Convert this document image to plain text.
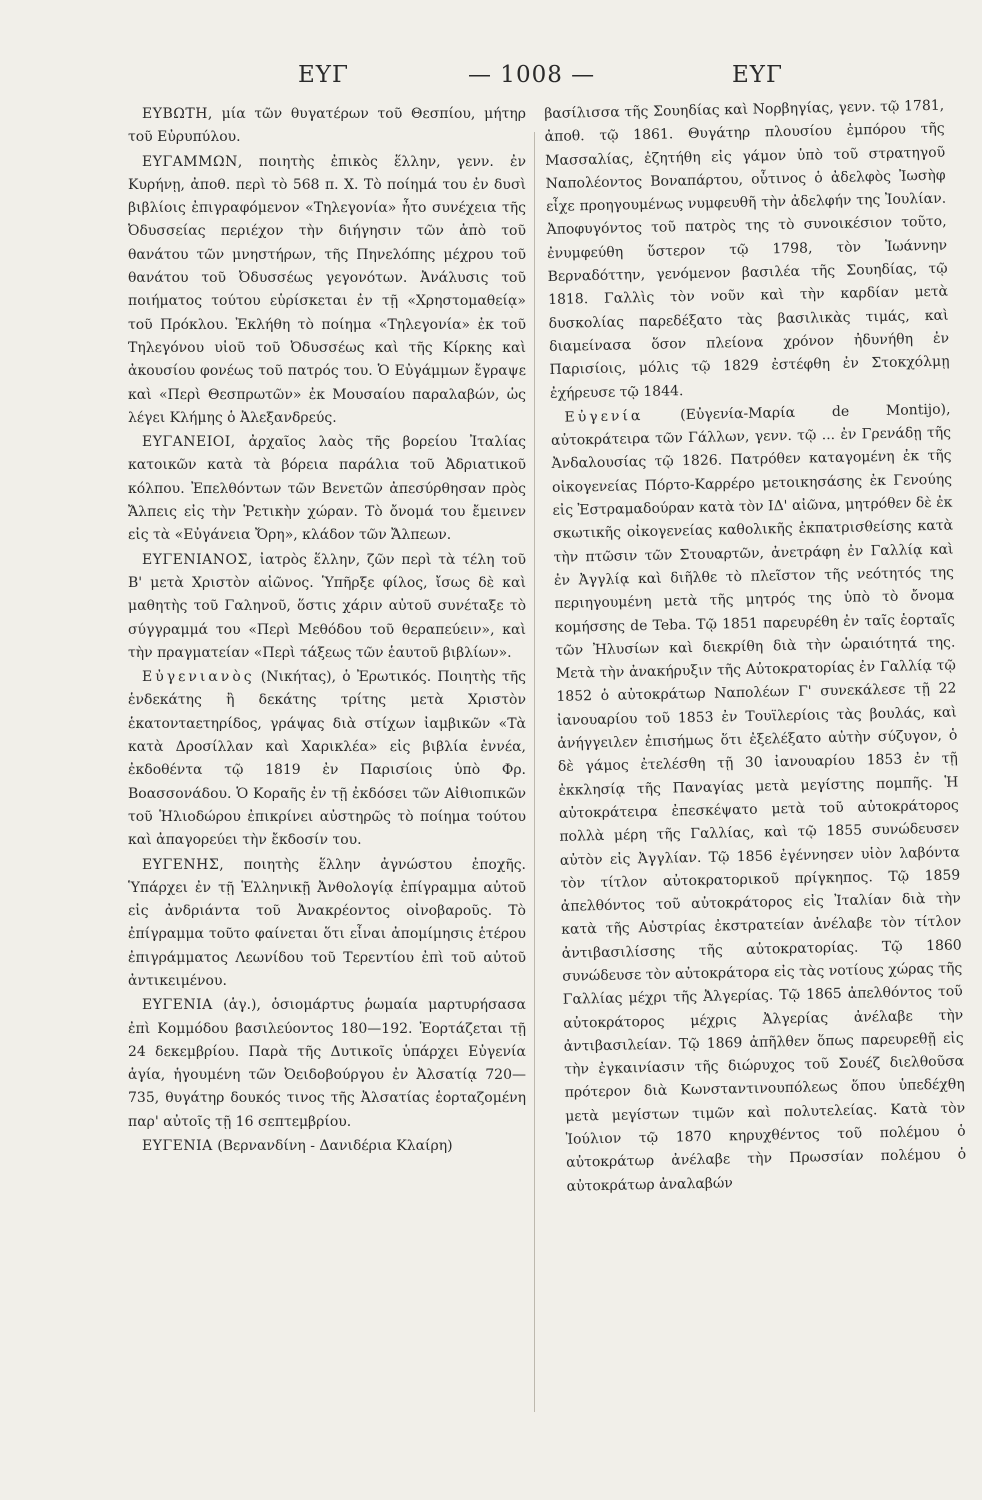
ΕΥΓ	— 1008 —	ΕΥΓ

ΕΥΒΩΤΗ, μία τῶν θυγατέρων τοῦ Θεσπίου, μήτηρ τοῦ Εὐρυπύλου.

ΕΥΓΑΜΜΩΝ, ποιητὴς ἐπικὸς ἕλλην, γενν. ἐν Κυρήνῃ, ἀποθ. περὶ τὸ 568 π. Χ. Τὸ ποίημά του ἐν δυσὶ βιβλίοις ἐπιγραφόμενον «Τηλεγονία» ἦτο συνέχεια τῆς Ὀδυσσείας περιέχον τὴν διήγησιν τῶν ἀπὸ τοῦ θανάτου τῶν μνηστήρων, τῆς Πηνελόπης μέχρου τοῦ θανάτου τοῦ Ὀδυσσέως γεγονότων. Ἀνάλυσις τοῦ ποιήματος τούτου εὑρίσκεται ἐν τῇ «Χρηστομαθείᾳ» τοῦ Πρόκλου. Ἐκλήθη τὸ ποίημα «Τηλεγονία» ἐκ τοῦ Τηλεγόνου υἱοῦ τοῦ Ὀδυσσέως καὶ τῆς Κίρκης καὶ ἀκουσίου φονέως τοῦ πατρός του. Ὁ Εὐγάμμων ἔγραψε καὶ «Περὶ Θεσπρωτῶν» ἐκ Μουσαίου παραλαβών, ὡς λέγει Κλήμης ὁ Ἀλεξανδρεύς.

ΕΥΓΑΝΕΙΟΙ, ἀρχαῖος λαὸς τῆς βορείου Ἰταλίας κατοικῶν κατὰ τὰ βόρεια παράλια τοῦ Ἀδριατικοῦ κόλπου. Ἐπελθόντων τῶν Βενετῶν ἀπεσύρθησαν πρὸς Ἄλπεις εἰς τὴν Ῥετικὴν χώραν. Τὸ ὄνομά του ἔμεινεν εἰς τὰ «Εὐγάνεια Ὄρη», κλάδον τῶν Ἄλπεων.

ΕΥΓΕΝΙΑΝΟΣ, ἰατρὸς ἕλλην, ζῶν περὶ τὰ τέλη τοῦ Β' μετὰ Χριστὸν αἰῶνος. Ὑπῆρξε φίλος, ἴσως δὲ καὶ μαθητὴς τοῦ Γαληνοῦ, ὅστις χάριν αὐτοῦ συνέταξε τὸ σύγγραμμά του «Περὶ Μεθόδου τοῦ θεραπεύειν», καὶ τὴν πραγματείαν «Περὶ τάξεως τῶν ἑαυτοῦ βιβλίων».

Εὐγενιανὸς (Νικήτας), ὁ Ἐρωτικός. Ποιητὴς τῆς ἑνδεκάτης ἢ δεκάτης τρίτης μετὰ Χριστὸν ἑκατονταετηρίδος, γράψας διὰ στίχων ἰαμβικῶν «Τὰ κατὰ Δροσίλλαν καὶ Χαρικλέα» εἰς βιβλία ἐννέα, ἐκδοθέντα τῷ 1819 ἐν Παρισίοις ὑπὸ Φρ. Βοασσονάδου. Ὁ Κοραῆς ἐν τῇ ἐκδόσει τῶν Αἰθιοπικῶν τοῦ Ἡλιοδώρου ἐπικρίνει αὐστηρῶς τὸ ποίημα τούτου καὶ ἀπαγορεύει τὴν ἔκδοσίν του.

ΕΥΓΕΝΗΣ, ποιητὴς ἕλλην ἀγνώστου ἐποχῆς. Ὑπάρχει ἐν τῇ Ἑλληνικῇ Ἀνθολογίᾳ ἐπίγραμμα αὐτοῦ εἰς ἀνδριάντα τοῦ Ἀνακρέοντος οἰνοβαροῦς. Τὸ ἐπίγραμμα τοῦτο φαίνεται ὅτι εἶναι ἀπομίμησις ἑτέρου ἐπιγράμματος Λεωνίδου τοῦ Τερεντίου ἐπὶ τοῦ αὐτοῦ ἀντικειμένου.

ΕΥΓΕΝΙΑ (ἁγ.), ὁσιομάρτυς ῥωμαία μαρτυρήσασα ἐπὶ Κομμόδου βασιλεύοντος 180—192. Ἑορτάζεται τῇ 24 δεκεμβρίου. Παρὰ τῆς Δυτικοῖς ὑπάρχει Εὐγενία ἁγία, ἡγουμένη τῶν Ὀειδοβούργου ἐν Ἀλσατίᾳ 720—735, θυγάτηρ δουκός τινος τῆς Ἀλσατίας ἑορταζομένη παρ' αὐτοῖς τῇ 16 σεπτεμβρίου.

ΕΥΓΕΝΙΑ (Βερνανδίνη - Δανιδέρια Κλαίρη)

βασίλισσα τῆς Σουηδίας καὶ Νορβηγίας, γενν. τῷ 1781, ἀποθ. τῷ 1861. Θυγάτηρ πλουσίου ἐμπόρου τῆς Μασσαλίας, ἐζητήθη εἰς γάμον ὑπὸ τοῦ στρατηγοῦ Ναπολέοντος Βοναπάρτου, οὗτινος ὁ ἀδελφὸς Ἰωσὴφ εἶχε προηγουμένως νυμφευθῆ τὴν ἀδελφήν της Ἰουλίαν. Ἀποφυγόντος τοῦ πατρὸς της τὸ συνοικέσιον τοῦτο, ἐνυμφεύθη ὕστερον τῷ 1798, τὸν Ἰωάννην Βερναδόττην, γενόμενον βασιλέα τῆς Σουηδίας, τῷ 1818. Γαλλὶς τὸν νοῦν καὶ τὴν καρδίαν μετὰ δυσκολίας παρεδέξατο τὰς βασιλικὰς τιμάς, καὶ διαμείνασα ὅσον πλείονα χρόνον ἠδυνήθη ἐν Παρισίοις, μόλις τῷ 1829 ἐστέφθη ἐν Στοκχόλμῃ ἐχήρευσε τῷ 1844.

Εὐγενία (Εὐγενία-Μαρία de Montijo), αὐτοκράτειρα τῶν Γάλλων, γενν. τῷ ... ἐν Γρενάδῃ τῆς Ἀνδαλουσίας τῷ 1826. Πατρόθεν καταγομένη ἐκ τῆς οἰκογενείας Πόρτο-Καρρέρο μετοικησάσης ἐκ Γενούης εἰς Ἐστραμαδούραν κατὰ τὸν ΙΔ' αἰῶνα, μητρόθεν δὲ ἐκ σκωτικῆς οἰκογενείας καθολικῆς ἐκπατρισθείσης κατὰ τὴν πτῶσιν τῶν Στουαρτῶν, ἀνετράφη ἐν Γαλλίᾳ καὶ ἐν Ἀγγλίᾳ καὶ διῆλθε τὸ πλεῖστον τῆς νεότητός της περιηγουμένη μετὰ τῆς μητρός της ὑπὸ τὸ ὄνομα κομήσσης de Teba. Τῷ 1851 παρευρέθη ἐν ταῖς ἑορταῖς τῶν Ἠλυσίων καὶ διεκρίθη διὰ τὴν ὡραιότητά της. Μετὰ τὴν ἀνακήρυξιν τῆς Αὐτοκρατορίας ἐν Γαλλίᾳ τῷ 1852 ὁ αὐτοκράτωρ Ναπολέων Γ' συνεκάλεσε τῇ 22 ἰανουαρίου τοῦ 1853 ἐν Τουϊλερίοις τὰς βουλάς, καὶ ἀνήγγειλεν ἐπισήμως ὅτι ἐξελέξατο αὐτὴν σύζυγον, ὁ δὲ γάμος ἐτελέσθη τῇ 30 ἰανουαρίου 1853 ἐν τῇ ἐκκλησίᾳ τῆς Παναγίας μετὰ μεγίστης πομπῆς. Ἡ αὐτοκράτειρα ἐπεσκέψατο μετὰ τοῦ αὐτοκράτορος πολλὰ μέρη τῆς Γαλλίας, καὶ τῷ 1855 συνώδευσεν αὐτὸν εἰς Ἀγγλίαν. Τῷ 1856 ἐγέννησεν υἱὸν λαβόντα τὸν τίτλον αὐτοκρατορικοῦ πρίγκηπος. Τῷ 1859 ἀπελθόντος τοῦ αὐτοκράτορος εἰς Ἰταλίαν διὰ τὴν κατὰ τῆς Αὐστρίας ἐκστρατείαν ἀνέλαβε τὸν τίτλον ἀντιβασιλίσσης τῆς αὐτοκρατορίας. Τῷ 1860 συνώδευσε τὸν αὐτοκράτορα εἰς τὰς νοτίους χώρας τῆς Γαλλίας μέχρι τῆς Ἀλγερίας. Τῷ 1865 ἀπελθόντος τοῦ αὐτοκράτορος μέχρις Ἀλγερίας ἀνέλαβε τὴν ἀντιβασιλείαν. Τῷ 1869 ἀπῆλθεν ὅπως παρευρεθῇ εἰς τὴν ἐγκαινίασιν τῆς διώρυχος τοῦ Σουέζ διελθοῦσα πρότερον διὰ Κωνσταντινουπόλεως ὅπου ὑπεδέχθη μετὰ μεγίστων τιμῶν καὶ πολυτελείας. Κατὰ τὸν Ἰούλιον τῷ 1870 κηρυχθέντος τοῦ πολέμου ὁ αὐτοκράτωρ ἀνέλαβε τὴν Πρωσσίαν πολέμου ὁ αὐτοκράτωρ ἀναλαβών
